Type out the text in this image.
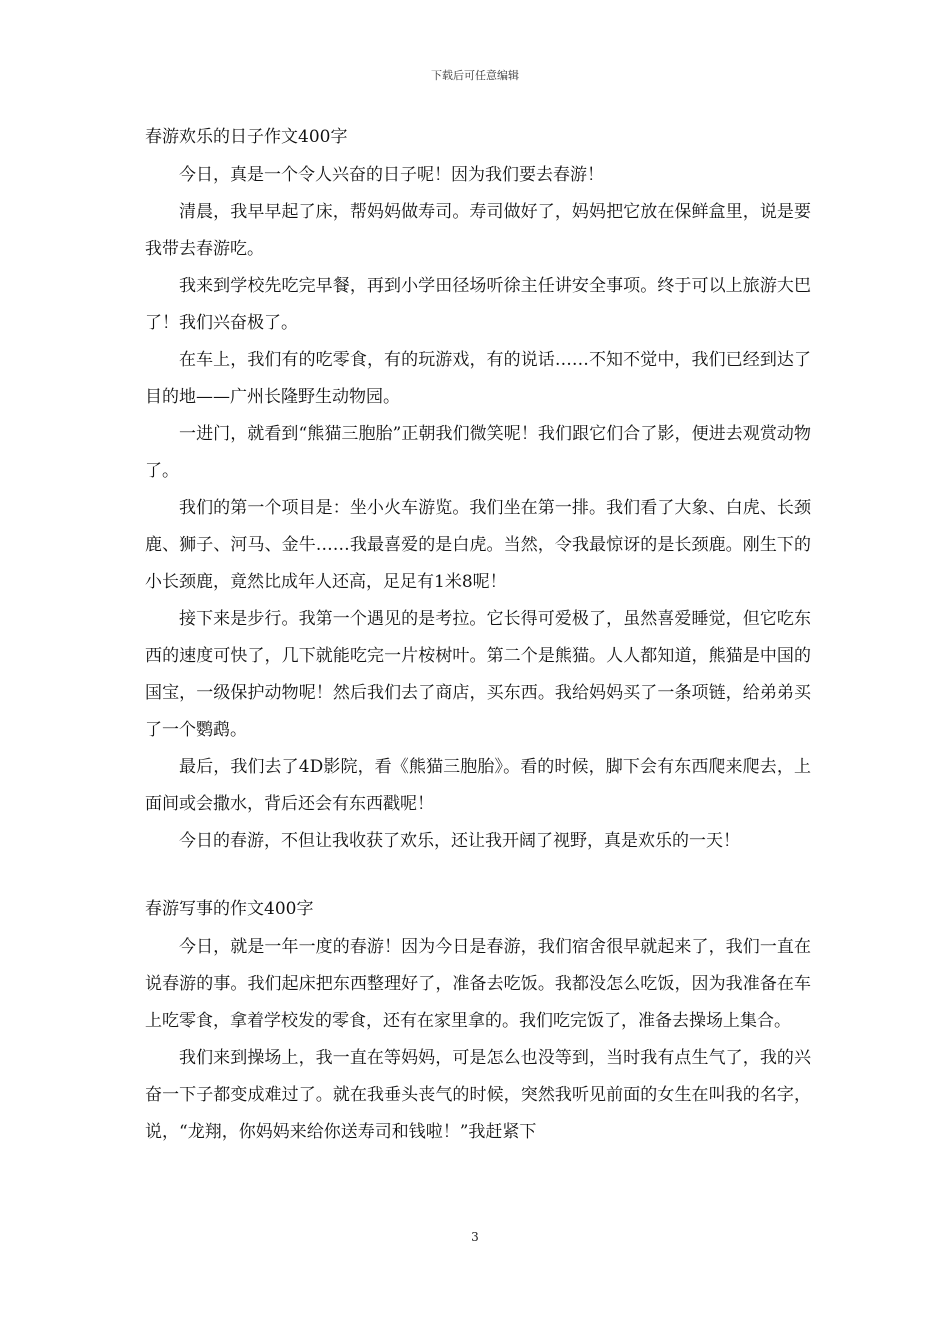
下载后可任意编辑

春游欢乐的日子作文400字

今日，真是一个令人兴奋的日子呢！因为我们要去春游！

清晨，我早早起了床，帮妈妈做寿司。寿司做好了，妈妈把它放在保鲜盒里，说是要我带去春游吃。

我来到学校先吃完早餐，再到小学田径场听徐主任讲安全事项。终于可以上旅游大巴了！我们兴奋极了。

在车上，我们有的吃零食，有的玩游戏，有的说话……不知不觉中，我们已经到达了目的地——广州长隆野生动物园。

一进门，就看到“熊猫三胞胎”正朝我们微笑呢！我们跟它们合了影，便进去观赏动物了。

我们的第一个项目是：坐小火车游览。我们坐在第一排。我们看了大象、白虎、长颈鹿、狮子、河马、金牛……我最喜爱的是白虎。当然，令我最惊讶的是长颈鹿。刚生下的小长颈鹿，竟然比成年人还高，足足有1米8呢！

接下来是步行。我第一个遇见的是考拉。它长得可爱极了，虽然喜爱睡觉，但它吃东西的速度可快了，几下就能吃完一片桉树叶。第二个是熊猫。人人都知道，熊猫是中国的国宝，一级保护动物呢！然后我们去了商店，买东西。我给妈妈买了一条项链，给弟弟买了一个鹦鹉。

最后，我们去了4D影院，看《熊猫三胞胎》。看的时候，脚下会有东西爬来爬去，上面间或会撒水，背后还会有东西戳呢！

今日的春游，不但让我收获了欢乐，还让我开阔了视野，真是欢乐的一天！

春游写事的作文400字

今日，就是一年一度的春游！因为今日是春游，我们宿舍很早就起来了，我们一直在说春游的事。我们起床把东西整理好了，准备去吃饭。我都没怎么吃饭，因为我准备在车上吃零食，拿着学校发的零食，还有在家里拿的。我们吃完饭了，准备去操场上集合。

我们来到操场上，我一直在等妈妈，可是怎么也没等到，当时我有点生气了，我的兴奋一下子都变成难过了。就在我垂头丧气的时候，突然我听见前面的女生在叫我的名字，说，“龙翔，你妈妈来给你送寿司和钱啦！”我赶紧下

3
